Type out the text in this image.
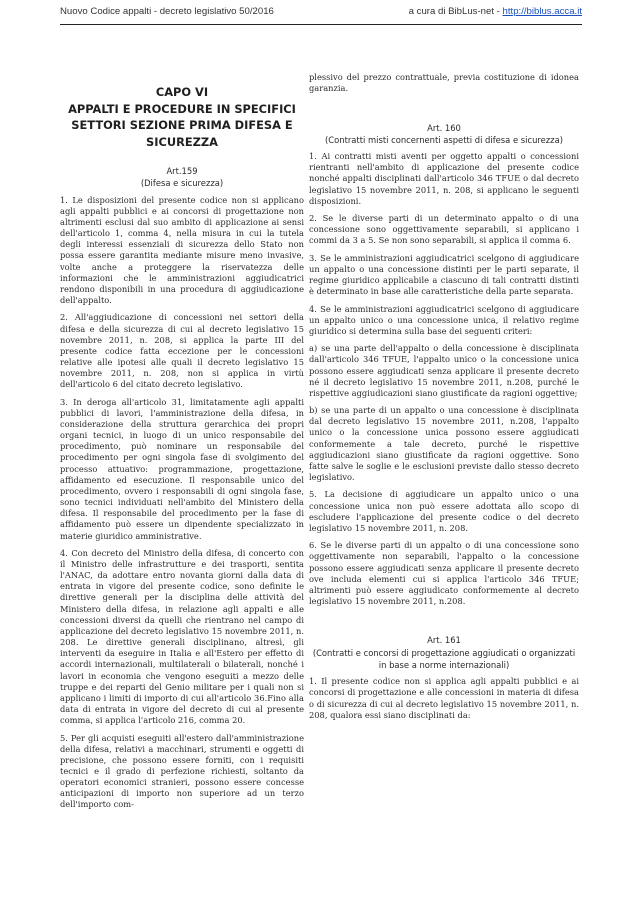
Nuovo Codice appalti - decreto legislativo 50/2016	a cura di BibLus-net - http://biblus.acca.it
CAPO VI
APPALTI E PROCEDURE IN SPECIFICI SETTORI SEZIONE PRIMA DIFESA E SICUREZZA
Art.159
(Difesa e sicurezza)

1. Le disposizioni del presente codice non si applicano agli appalti pubblici e ai concorsi di progettazione non altrimenti esclusi dal suo ambito di applicazione ai sensi dell'articolo 1, comma 4, nella misura in cui la tutela degli interessi essenziali di sicurezza dello Stato non possa essere garantita mediante misure meno invasive, volte anche a proteggere la riservatezza delle informazioni che le amministrazioni aggiudicatrici rendono disponibili in una procedura di aggiudicazione dell'appalto.

2. All'aggiudicazione di concessioni nei settori della difesa e della sicurezza di cui al decreto legislativo 15 novembre 2011, n. 208, si applica la parte III del presente codice fatta eccezione per le concessioni relative alle ipotesi alle quali il decreto legislativo 15 novembre 2011, n. 208, non si applica in virtù dell'articolo 6 del citato decreto legislativo.

3. In deroga all'articolo 31, limitatamente agli appalti pubblici di lavori, l'amministrazione della difesa, in considerazione della struttura gerarchica dei propri organi tecnici, in luogo di un unico responsabile del procedimento, può nominare un responsabile del procedimento per ogni singola fase di svolgimento del processo attuativo: programmazione, progettazione, affidamento ed esecuzione. Il responsabile unico del procedimento, ovvero i responsabili di ogni singola fase, sono tecnici individuati nell'ambito del Ministero della difesa. Il responsabile del procedimento per la fase di affidamento può essere un dipendente specializzato in materie giuridico amministrative.

4. Con decreto del Ministro della difesa, di concerto con il Ministro delle infrastrutture e dei trasporti, sentita l'ANAC, da adottare entro novanta giorni dalla data di entrata in vigore del presente codice, sono definite le direttive generali per la disciplina delle attività del Ministero della difesa, in relazione agli appalti e alle concessioni diversi da quelli che rientrano nel campo di applicazione del decreto legislativo 15 novembre 2011, n. 208. Le direttive generali disciplinano, altresì, gli interventi da eseguire in Italia e all'Estero per effetto di accordi internazionali, multilaterali o bilaterali, nonché i lavori in economia che vengono eseguiti a mezzo delle truppe e dei reparti del Genio militare per i quali non si applicano i limiti di importo di cui all'articolo 36.Fino alla data di entrata in vigore del decreto di cui al presente comma, si applica l'articolo 216, comma 20.

5. Per gli acquisti eseguiti all'estero dall'amministrazione della difesa, relativi a macchinari, strumenti e oggetti di precisione, che possono essere forniti, con i requisiti tecnici e il grado di perfezione richiesti, soltanto da operatori economici stranieri, possono essere concesse anticipazioni di importo non superiore ad un terzo dell'importo com-

plessivo del prezzo contrattuale, previa costituzione di idonea garanzia.

Art. 160
(Contratti misti concernenti aspetti di difesa e sicurezza)

1. Ai contratti misti aventi per oggetto appalti o concessioni rientranti nell'ambito di applicazione del presente codice nonché appalti disciplinati dall'articolo 346 TFUE o dal decreto legislativo 15 novembre 2011, n. 208, si applicano le seguenti disposizioni.

2. Se le diverse parti di un determinato appalto o di una concessione sono oggettivamente separabili, si applicano i commi da 3 a 5. Se non sono separabili, si applica il comma 6.

3. Se le amministrazioni aggiudicatrici scelgono di aggiudicare un appalto o una concessione distinti per le parti separate, il regime giuridico applicabile a ciascuno di tali contratti distinti è determinato in base alle caratteristiche della parte separata.

4. Se le amministrazioni aggiudicatrici scelgono di aggiudicare un appalto unico o una concessione unica, il relativo regime giuridico si determina sulla base dei seguenti criteri:

a) se una parte dell'appalto o della concessione è disciplinata dall'articolo 346 TFUE, l'appalto unico o la concessione unica possono essere aggiudicati senza applicare il presente decreto né il decreto legislativo 15 novembre 2011, n.208, purché le rispettive aggiudicazioni siano giustificate da ragioni oggettive;

b) se una parte di un appalto o una concessione è disciplinata dal decreto legislativo 15 novembre 2011, n.208, l'appalto unico o la concessione unica possono essere aggiudicati conformemente a tale decreto, purché le rispettive aggiudicazioni siano giustificate da ragioni oggettive. Sono fatte salve le soglie e le esclusioni previste dallo stesso decreto legislativo.

5. La decisione di aggiudicare un appalto unico o una concessione unica non può essere adottata allo scopo di escludere l'applicazione del presente codice o del decreto legislativo 15 novembre 2011, n. 208.

6. Se le diverse parti di un appalto o di una concessione sono oggettivamente non separabili, l'appalto o la concessione possono essere aggiudicati senza applicare il presente decreto ove includa elementi cui si applica l'articolo 346 TFUE; altrimenti può essere aggiudicato conformemente al decreto legislativo 15 novembre 2011, n.208.

Art. 161
(Contratti e concorsi di progettazione aggiudicati o organizzati in base a norme internazionali)

1. Il presente codice non si applica agli appalti pubblici e ai concorsi di progettazione e alle concessioni in materia di difesa o di sicurezza di cui al decreto legislativo 15 novembre 2011, n. 208, qualora essi siano disciplinati da:
